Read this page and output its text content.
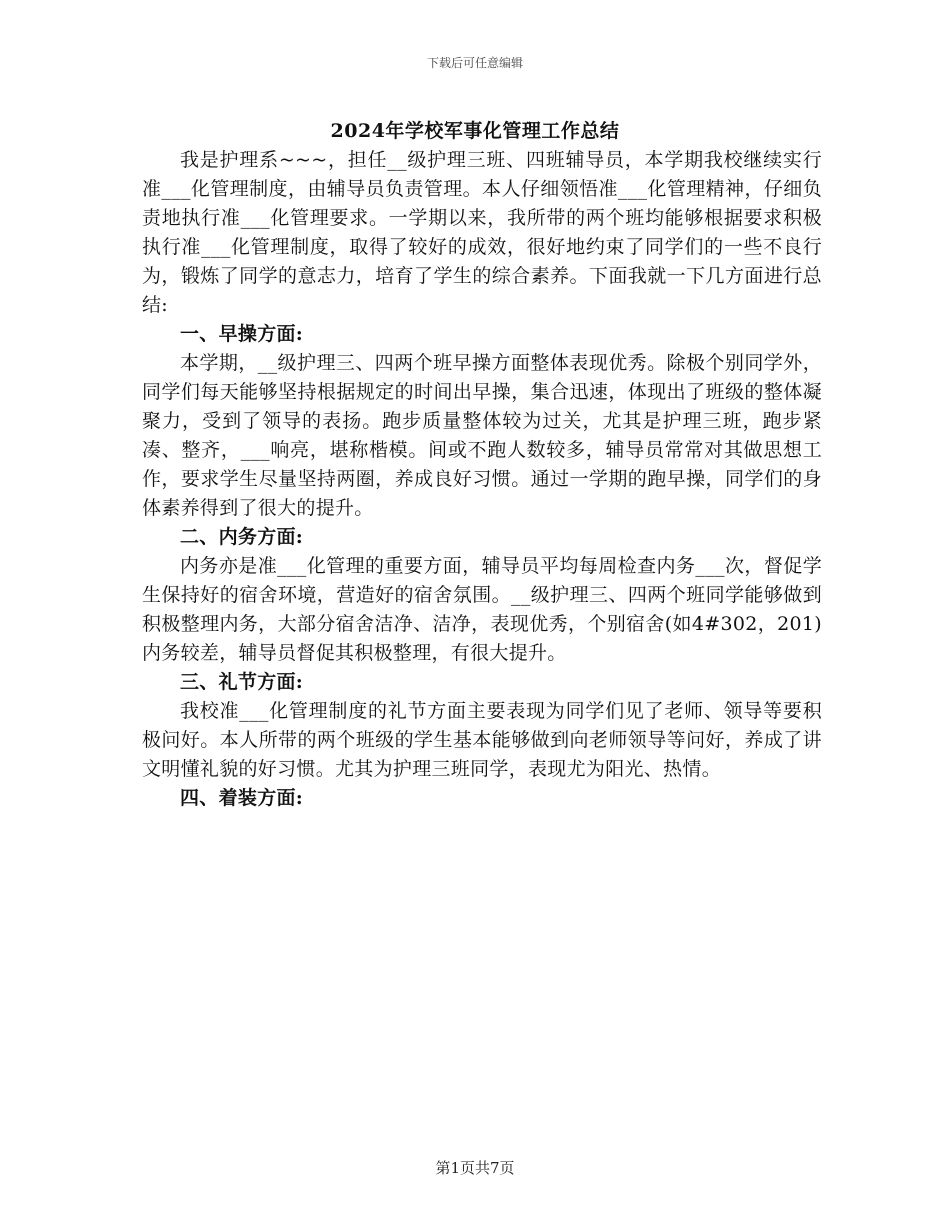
下载后可任意编辑
2024年学校军事化管理工作总结

我是护理系~~~，担任__级护理三班、四班辅导员，本学期我校继续实行准___化管理制度，由辅导员负责管理。本人仔细领悟准___化管理精神，仔细负责地执行准___化管理要求。一学期以来，我所带的两个班均能够根据要求积极执行准___化管理制度，取得了较好的成效，很好地约束了同学们的一些不良行为，锻炼了同学的意志力，培育了学生的综合素养。下面我就一下几方面进行总结:

一、早操方面:

本学期，__级护理三、四两个班早操方面整体表现优秀。除极个别同学外，同学们每天能够坚持根据规定的时间出早操，集合迅速，体现出了班级的整体凝聚力，受到了领导的表扬。跑步质量整体较为过关，尤其是护理三班，跑步紧凑、整齐，___响亮，堪称楷模。间或不跑人数较多，辅导员常常对其做思想工作，要求学生尽量坚持两圈，养成良好习惯。通过一学期的跑早操，同学们的身体素养得到了很大的提升。

二、内务方面:

内务亦是准___化管理的重要方面，辅导员平均每周检查内务___次，督促学生保持好的宿舍环境，营造好的宿舍氛围。__级护理三、四两个班同学能够做到积极整理内务，大部分宿舍洁净、洁净，表现优秀，个别宿舍(如4#302，201)内务较差，辅导员督促其积极整理，有很大提升。

三、礼节方面:

我校准___化管理制度的礼节方面主要表现为同学们见了老师、领导等要积极问好。本人所带的两个班级的学生基本能够做到向老师领导等问好，养成了讲文明懂礼貌的好习惯。尤其为护理三班同学，表现尤为阳光、热情。

四、着装方面:

第1页共7页
